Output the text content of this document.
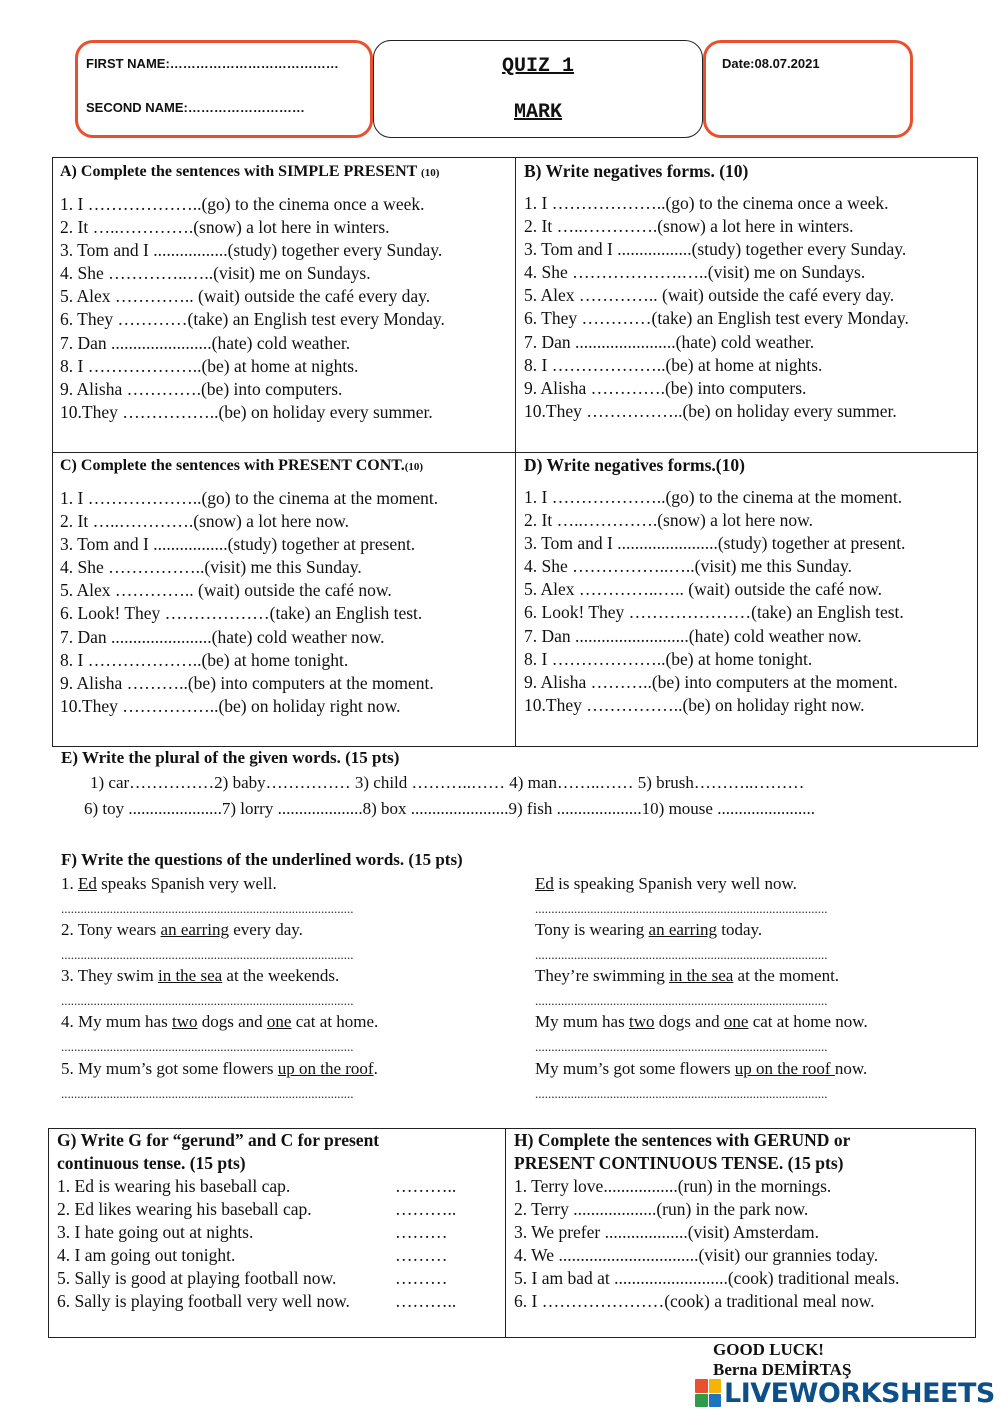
FIRST NAME:…………………………………
SECOND NAME:………………………
QUIZ 1
MARK
Date:08.07.2021
A) Complete the sentences with SIMPLE PRESENT (10)
1. I ………………..(go) to the cinema once a week.
2. It …..………….(snow) a lot here in winters.
3. Tom and I .................(study) together every Sunday.
4. She …………..…..(visit) me on Sundays.
5. Alex ………….. (wait) outside the café every day.
6. They …………(take) an English test every Monday.
7. Dan .......................(hate) cold weather.
8. I ………………..(be) at home at nights.
9. Alisha ………….(be) into computers.
10.They ……………..(be) on holiday every summer.
B) Write negatives forms. (10)
1. I ………………..(go) to the cinema once a week.
2. It …..………….(snow) a lot here in winters.
3. Tom and I .................(study) together every Sunday.
4. She ……………….…..(visit) me on Sundays.
5. Alex ………….. (wait) outside the café every day.
6. They …………(take) an English test every Monday.
7. Dan .......................(hate) cold weather.
8. I ………………..(be) at home at nights.
9. Alisha ………….(be) into computers.
10.They ……………..(be) on holiday every summer.
C) Complete the sentences with PRESENT CONT.(10)
1. I ………………..(go) to the cinema at the moment.
2. It …..………….(snow) a lot here now.
3. Tom and I .................(study) together at present.
4. She ……………..(visit) me this Sunday.
5. Alex ………….. (wait) outside the café now.
6. Look! They ………………(take) an English test.
7. Dan .......................(hate) cold weather now.
8. I ………………..(be) at home tonight.
9. Alisha ………..(be) into computers at the moment.
10.They ……………..(be) on holiday right now.
D) Write negatives forms.(10)
1. I ………………..(go) to the cinema at the moment.
2. It …..………….(snow) a lot here now.
3. Tom and I .......................(study) together at present.
4. She ……………..…..(visit) me this Sunday.
5. Alex …………..….. (wait) outside the café now.
6. Look! They …………………(take) an English test.
7. Dan ..........................(hate) cold weather now.
8. I ………………..(be) at home tonight.
9. Alisha ………..(be) into computers at the moment.
10.They ……………..(be) on holiday right now.
E) Write the plural of the given words. (15 pts)
1) car……………2) baby…………… 3) child ………..…… 4) man……..…… 5) brush………..………
6) toy ......................7) lorry ....................8) box .......................9) fish ....................10) mouse .......................
F) Write the questions of the underlined words. (15 pts)
1. Ed speaks Spanish very well.
..........................................................................................
2. Tony wears an earring every day.
..........................................................................................
3. They swim in the sea at the weekends.
..........................................................................................
4. My mum has two dogs and one cat at home.
..........................................................................................
5. My mum’s got some flowers up on the roof.
..........................................................................................
Ed is speaking Spanish very well now.
..........................................................................................
Tony is wearing an earring today.
..........................................................................................
They’re swimming in the sea at the moment.
..........................................................................................
My mum has two dogs and one cat at home now.
..........................................................................................
My mum’s got some flowers up on the roof now.
..........................................................................................
G) Write G for “gerund” and C for present
continuous tense. (15 pts)
1. Ed is wearing his baseball cap.	………..
2. Ed likes wearing his baseball cap.	………..
3. I hate going out at nights.	………
4. I am going out tonight.	………
5. Sally is good at playing football now.	………
6. Sally is playing football very well now.	………..
H) Complete the sentences with GERUND or
PRESENT CONTINUOUS TENSE. (15 pts)
1. Terry love.................(run) in the mornings.
2. Terry ...................(run) in the park now.
3. We prefer ...................(visit) Amsterdam.
4. We ................................(visit) our grannies today.
5. I am bad at ..........................(cook) traditional meals.
6. I …………………(cook) a traditional meal now.
GOOD LUCK!
Berna DEMİRTAŞ
LIVEWORKSHEETS
